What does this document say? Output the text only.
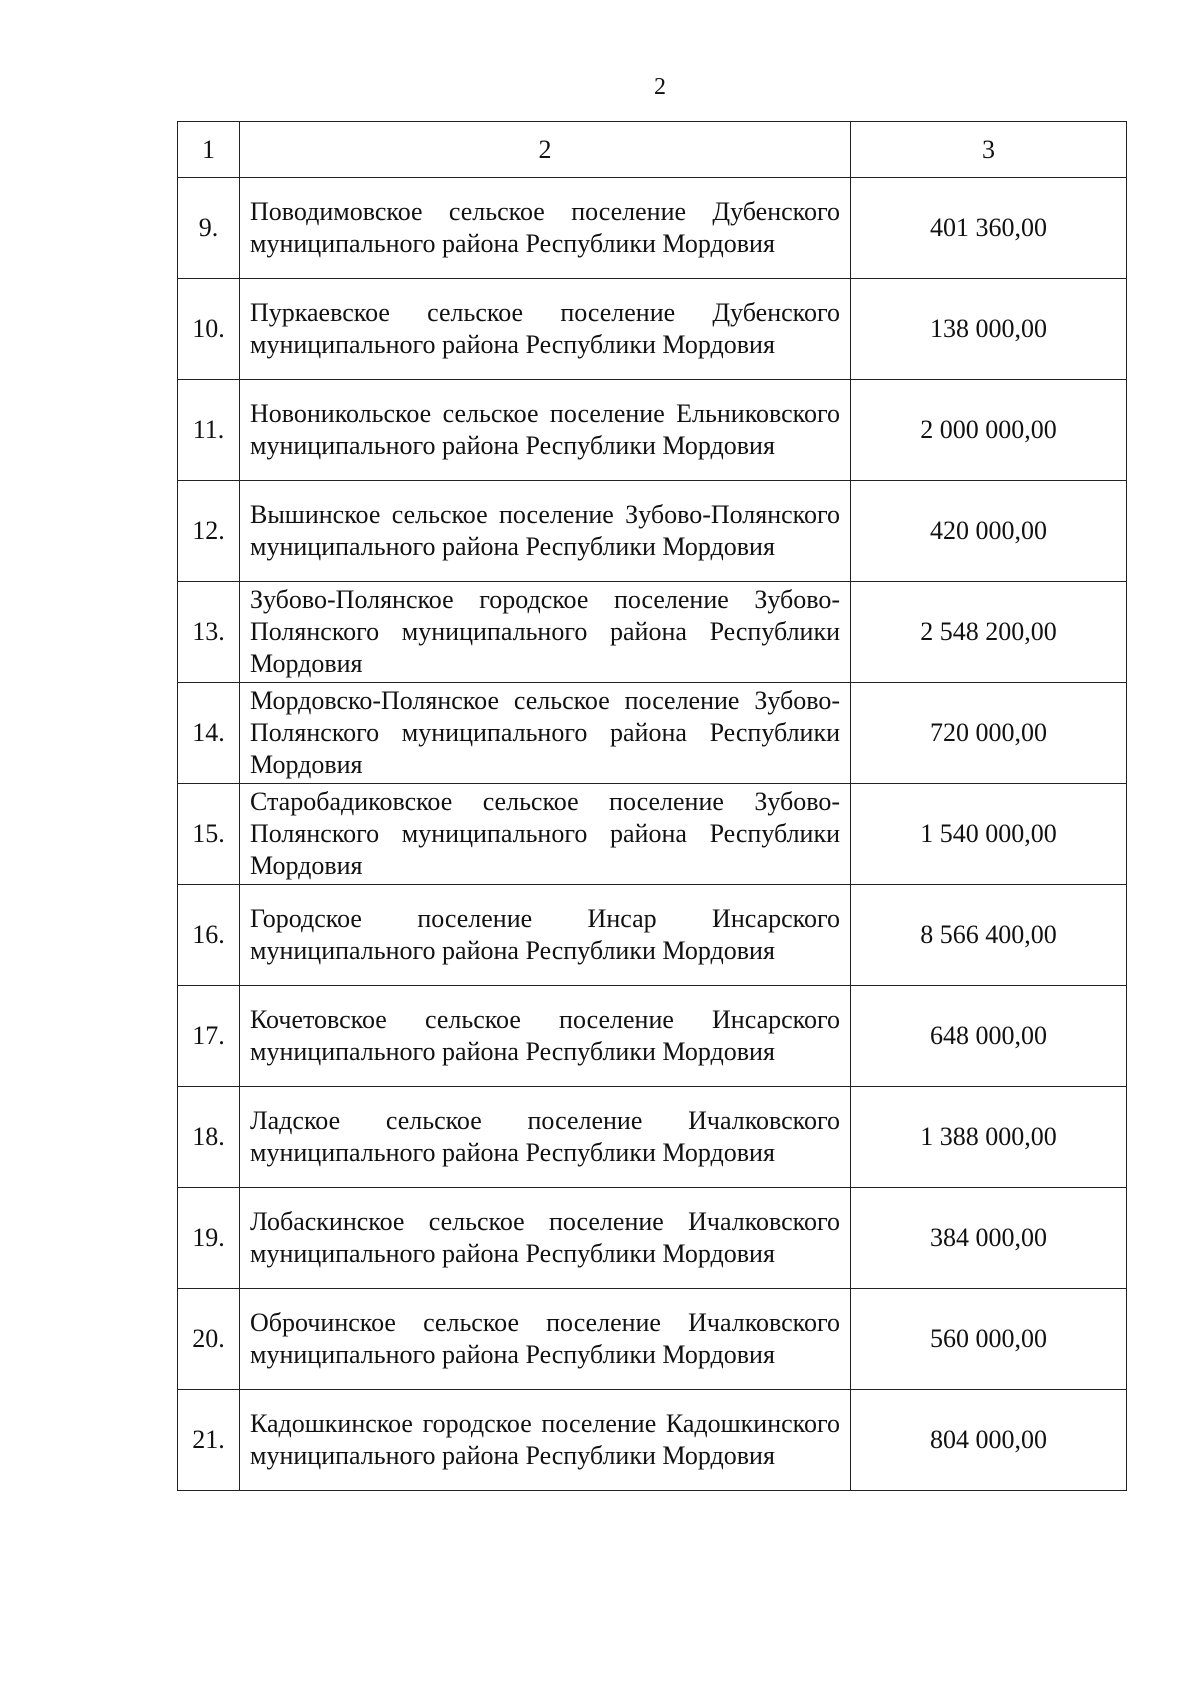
2
1	2	3
9.	Поводимовское сельское поселение Дубенского муниципального района Республики Мордовия	401 360,00
10.	Пуркаевское сельское поселение Дубенского муниципального района Республики Мордовия	138 000,00
11.	Новоникольское сельское поселение Ельниковского муниципального района Республики Мордовия	2 000 000,00
12.	Вышинское сельское поселение Зубово-Полянского муниципального района Республики Мордовия	420 000,00
13.	Зубово-Полянское городское поселение Зубово-Полянского муниципального района Республики Мордовия	2 548 200,00
14.	Мордовско-Полянское сельское поселение Зубово-Полянского муниципального района Республики Мордовия	720 000,00
15.	Старобадиковское сельское поселение Зубово-Полянского муниципального района Республики Мордовия	1 540 000,00
16.	Городское поселение Инсар Инсарского муниципального района Республики Мордовия	8 566 400,00
17.	Кочетовское сельское поселение Инсарского муниципального района Республики Мордовия	648 000,00
18.	Ладское сельское поселение Ичалковского муниципального района Республики Мордовия	1 388 000,00
19.	Лобаскинское сельское поселение Ичалковского муниципального района Республики Мордовия	384 000,00
20.	Оброчинское сельское поселение Ичалковского муниципального района Республики Мордовия	560 000,00
21.	Кадошкинское городское поселение Кадошкинского муниципального района Республики Мордовия	804 000,00
